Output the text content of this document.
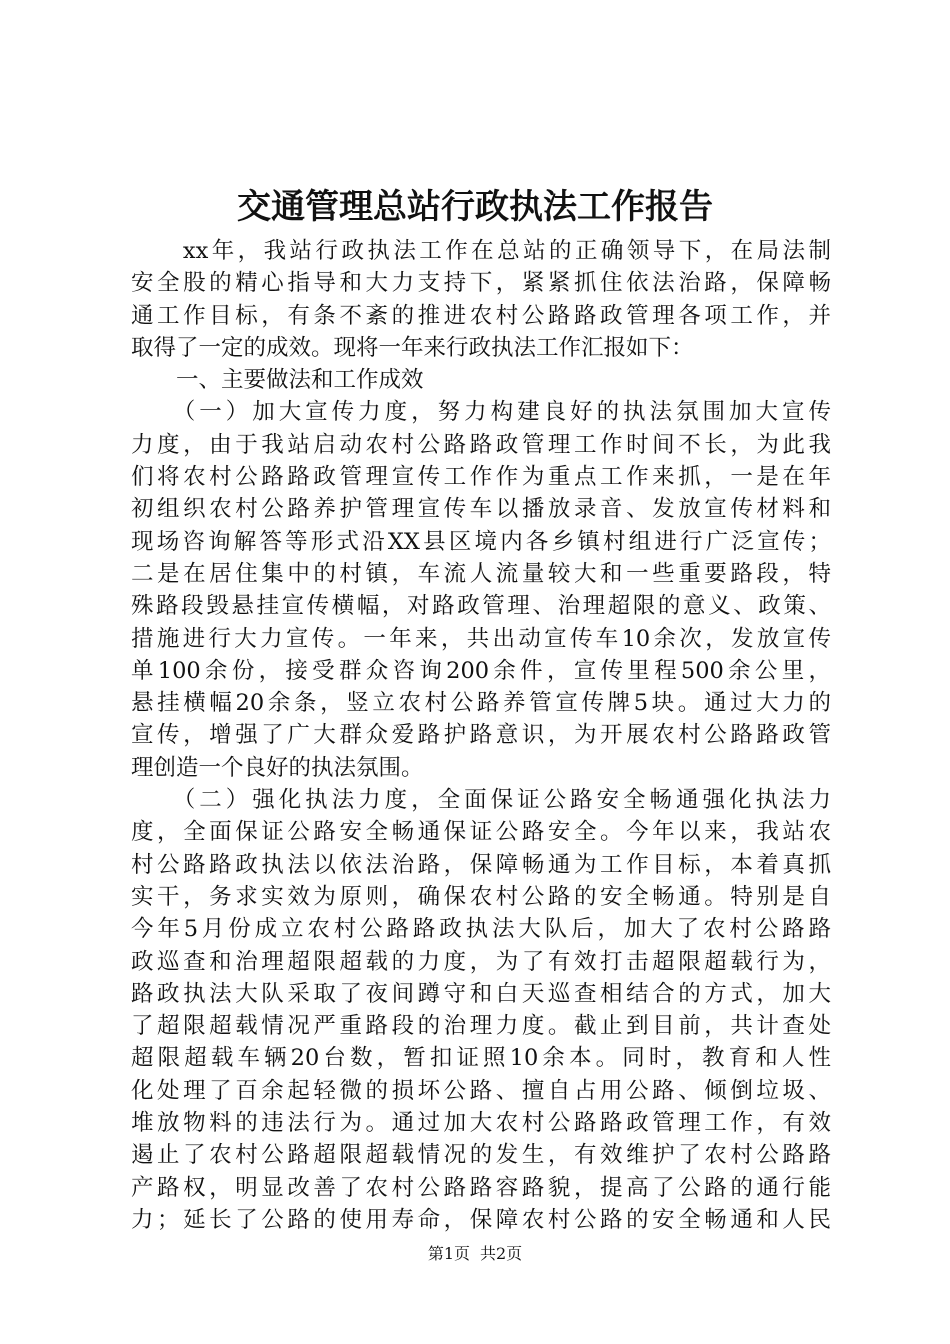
交通管理总站行政执法工作报告
　　xx年，我站行政执法工作在总站的正确领导下，在局法制
安全股的精心指导和大力支持下，紧紧抓住依法治路，保障畅
通工作目标，有条不紊的推进农村公路路政管理各项工作，并
取得了一定的成效。现将一年来行政执法工作汇报如下：
　　一、主要做法和工作成效
　　（一）加大宣传力度，努力构建良好的执法氛围加大宣传
力度，由于我站启动农村公路路政管理工作时间不长，为此我
们将农村公路路政管理宣传工作作为重点工作来抓，一是在年
初组织农村公路养护管理宣传车以播放录音、发放宣传材料和
现场咨询解答等形式沿XX县区境内各乡镇村组进行广泛宣传；
二是在居住集中的村镇，车流人流量较大和一些重要路段，特
殊路段毁悬挂宣传横幅，对路政管理、治理超限的意义、政策、
措施进行大力宣传。一年来，共出动宣传车10余次，发放宣传
单100余份，接受群众咨询200余件，宣传里程500余公里，
悬挂横幅20余条，竖立农村公路养管宣传牌5块。通过大力的
宣传，增强了广大群众爱路护路意识，为开展农村公路路政管
理创造一个良好的执法氛围。
　　（二）强化执法力度，全面保证公路安全畅通强化执法力
度，全面保证公路安全畅通保证公路安全。今年以来，我站农
村公路路政执法以依法治路，保障畅通为工作目标，本着真抓
实干，务求实效为原则，确保农村公路的安全畅通。特别是自
今年5月份成立农村公路路政执法大队后，加大了农村公路路
政巡查和治理超限超载的力度，为了有效打击超限超载行为，
路政执法大队采取了夜间蹲守和白天巡查相结合的方式，加大
了超限超载情况严重路段的治理力度。截止到目前，共计查处
超限超载车辆20台数，暂扣证照10余本。同时，教育和人性
化处理了百余起轻微的损坏公路、擅自占用公路、倾倒垃圾、
堆放物料的违法行为。通过加大农村公路路政管理工作，有效
遏止了农村公路超限超载情况的发生，有效维护了农村公路路
产路权，明显改善了农村公路路容路貌，提高了公路的通行能
力；延长了公路的使用寿命，保障农村公路的安全畅通和人民
第1页 共2页
